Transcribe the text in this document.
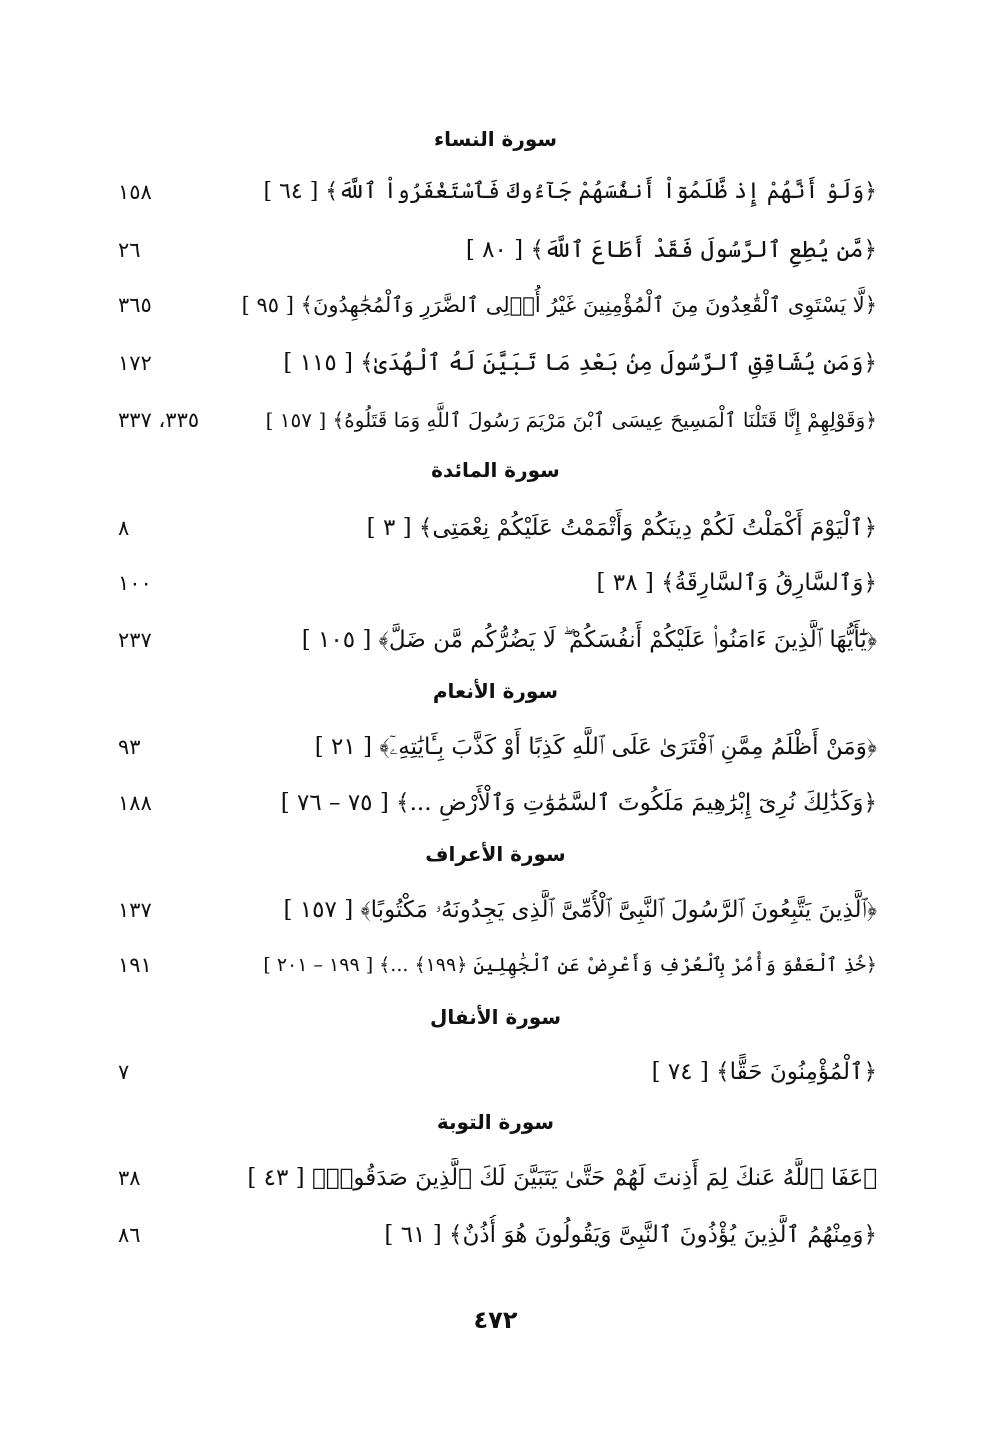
سورة النساء
﴿وَلَوْ أَنَّهُمْ إِذ ظَّلَمُوٓاْ أَنفُسَهُمْ جَآءُوكَ فَٱسْتَغْفَرُواْ ٱللَّهَ﴾ [ ٦٤ ]
١٥٨
﴿مَّن يُطِعِ ٱلرَّسُولَ فَقَدْ أَطَاعَ ٱللَّهَ﴾ [ ٨٠ ]
٢٦
﴿لَّا يَسْتَوِى ٱلْقَٰعِدُونَ مِنَ ٱلْمُؤْمِنِينَ غَيْرُ أُو۟لِى ٱلضَّرَرِ وَٱلْمُجَٰهِدُونَ﴾ [ ٩٥ ]
٣٦٥
﴿وَمَن يُشَاقِقِ ٱلرَّسُولَ مِنۢ بَعْدِ مَا تَبَيَّنَ لَهُ ٱلْهُدَىٰ﴾ [ ١١٥ ]
١٧٢
﴿وَقَوْلِهِمْ إِنَّا قَتَلْنَا ٱلْمَسِيحَ عِيسَى ٱبْنَ مَرْيَمَ رَسُولَ ٱللَّهِ وَمَا قَتَلُوهُ﴾ [ ١٥٧ ]
٣٣٥، ٣٣٧
سورة المائدة
﴿ٱلْيَوْمَ أَكْمَلْتُ لَكُمْ دِينَكُمْ وَأَتْمَمْتُ عَلَيْكُمْ نِعْمَتِى﴾ [ ٣ ]
٨
﴿وَٱلسَّارِقُ وَٱلسَّارِقَةُ﴾ [ ٣٨ ]
١٠٠
﴿يَٰٓأَيُّهَا ٱلَّذِينَ ءَامَنُوا۟ عَلَيْكُمْ أَنفُسَكُمْ ۖ لَا يَضُرُّكُم مَّن ضَلَّ﴾ [ ١٠٥ ]
٢٣٧
سورة الأنعام
﴿وَمَنْ أَظْلَمُ مِمَّنِ ٱفْتَرَىٰ عَلَى ٱللَّهِ كَذِبًا أَوْ كَذَّبَ بِـَٔايَٰتِهِۦٓ﴾ [ ٢١ ]
٩٣
﴿وَكَذَٰلِكَ نُرِىٓ إِبْرَٰهِيمَ مَلَكُوتَ ٱلسَّمَٰوَٰتِ وَٱلْأَرْضِ ...﴾ [ ٧٥ – ٧٦ ]
١٨٨
سورة الأعراف
﴿ٱلَّذِينَ يَتَّبِعُونَ ٱلرَّسُولَ ٱلنَّبِىَّ ٱلْأُمِّىَّ ٱلَّذِى يَجِدُونَهُۥ مَكْتُوبًا﴾ [ ١٥٧ ]
١٣٧
﴿خُذِ ٱلْعَفْوَ وَأْمُرْ بِٱلْعُرْفِ وَأَعْرِضْ عَنِ ٱلْجَٰهِلِينَ ﴿١٩٩﴾ ...﴾ [ ١٩٩ – ٢٠١ ]
١٩١
سورة الأنفال
﴿ٱلْمُؤْمِنُونَ حَقًّا﴾ [ ٧٤ ]
٧
سورة التوبة
﴿عَفَا ٱللَّهُ عَنكَ لِمَ أَذِنتَ لَهُمْ حَتَّىٰ يَتَبَيَّنَ لَكَ ٱلَّذِينَ صَدَقُوا۟﴾ [ ٤٣ ]
٣٨
﴿وَمِنْهُمُ ٱلَّذِينَ يُؤْذُونَ ٱلنَّبِىَّ وَيَقُولُونَ هُوَ أُذُنٌ﴾ [ ٦١ ]
٨٦
٤٧٢
